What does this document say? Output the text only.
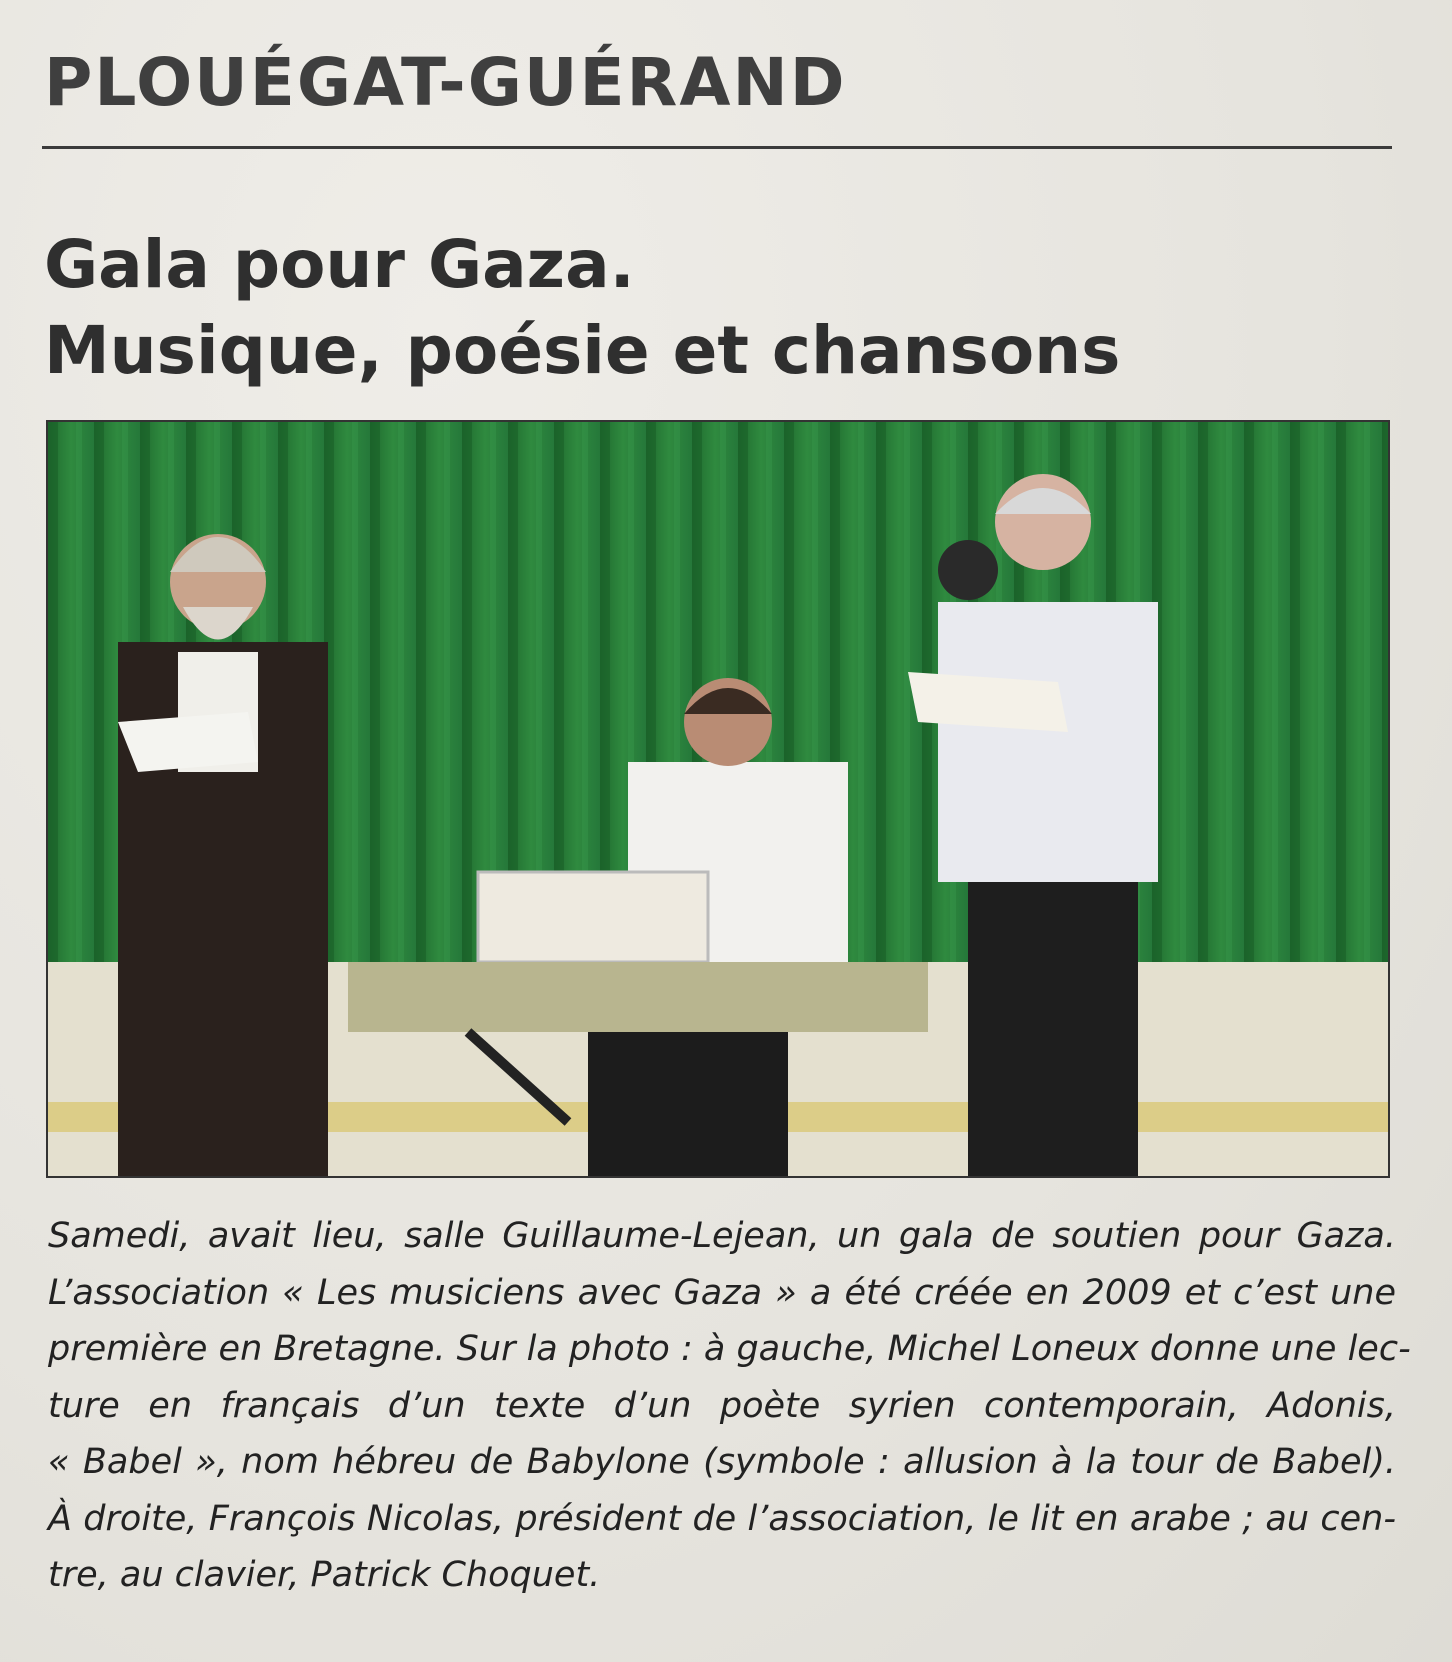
PLOUÉGAT-GUÉRAND
Gala pour Gaza.
Musique, poésie et chansons
Samedi, avait lieu, salle Guillaume-Lejean, un gala de soutien pour Gaza.
L’association « Les musiciens avec Gaza » a été créée en 2009 et c’est une
première en Bretagne. Sur la photo : à gauche, Michel Loneux donne une lec-
ture en français d’un texte d’un poète syrien contemporain, Adonis,
« Babel », nom hébreu de Babylone (symbole : allusion à la tour de Babel).
À droite, François Nicolas, président de l’association, le lit en arabe ; au cen-
tre, au clavier, Patrick Choquet.
